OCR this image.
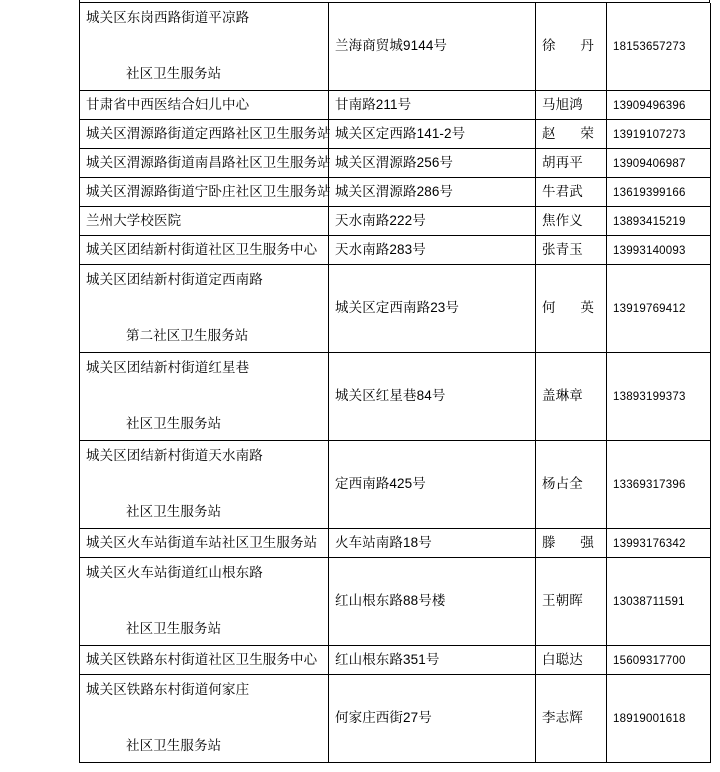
城关区东岗西路街道平凉路
社区卫生服务站	兰海商贸城9144号	徐 丹	18153657273
甘肃省中西医结合妇儿中心	甘南路211号	马旭鸿	13909496396
城关区渭源路街道定西路社区卫生服务站	城关区定西路141-2号	赵 荣	13919107273
城关区渭源路街道南昌路社区卫生服务站	城关区渭源路256号	胡再平	13909406987
城关区渭源路街道宁卧庄社区卫生服务站	城关区渭源路286号	牛君武	13619399166
兰州大学校医院	天水南路222号	焦作义	13893415219
城关区团结新村街道社区卫生服务中心	天水南路283号	张青玉	13993140093

城关区团结新村街道定西南路
第二社区卫生服务站	城关区定西南路23号	何 英	13919769412

城关区团结新村街道红星巷
社区卫生服务站	城关区红星巷84号	盖琳章	13893199373

城关区团结新村街道天水南路
社区卫生服务站	定西南路425号	杨占全	13369317396
城关区火车站街道车站社区卫生服务站	火车站南路18号	滕 强	13993176342

城关区火车站街道红山根东路
社区卫生服务站	红山根东路88号楼	王朝晖	13038711591
城关区铁路东村街道社区卫生服务中心	红山根东路351号	白聪达	15609317700

城关区铁路东村街道何家庄
社区卫生服务站	何家庄西街27号	李志辉	18919001618
